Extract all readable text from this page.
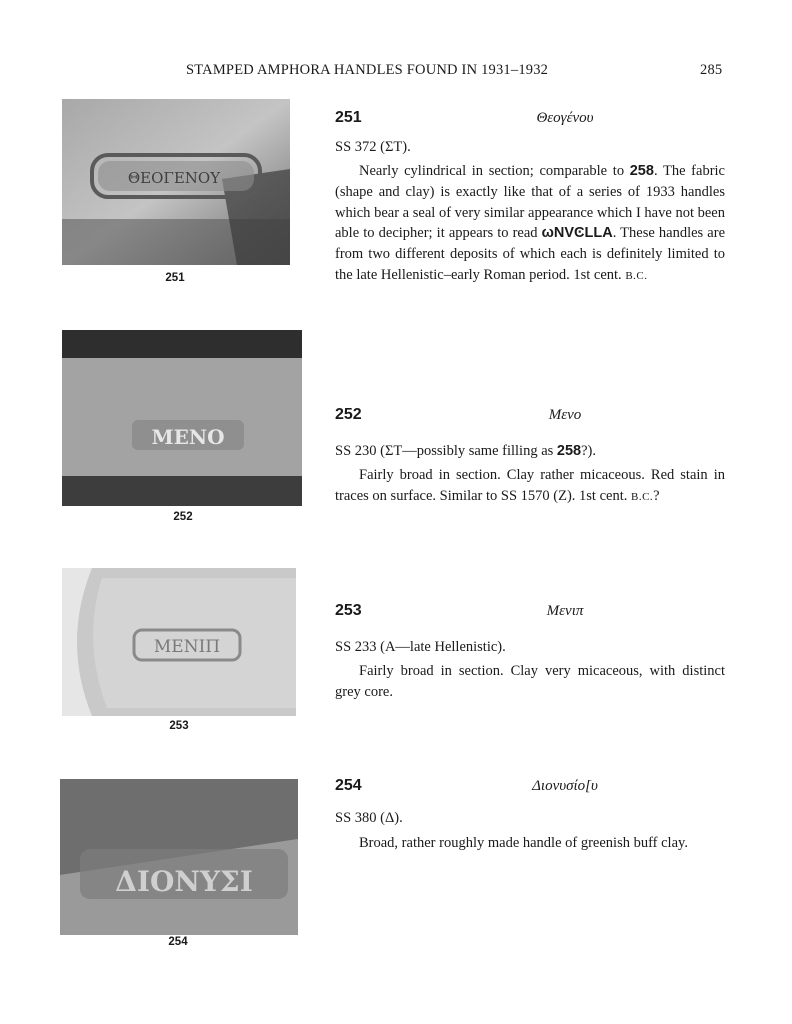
STAMPED AMPHORA HANDLES FOUND IN 1931–1932	285
ΘΕΟΓΕΝΟΥ
251
ΜΕΝΟ
252
ΜΕΝΙΠ
253
ΔΙΟΝΥΣΙ
254
251	Θεογένου
SS 372 (ΣΤ).
Nearly cylindrical in section; comparable to 258. The fabric (shape and clay) is exactly like that of a series of 1933 handles which bear a seal of very similar appearance which I have not been able to decipher; it appears to read ωNVϾLLA. These handles are from two different deposits of which each is definitely limited to the late Hellenistic–early Roman period. 1st cent. B.C.
252	Μενο
SS 230 (ΣΤ—possibly same filling as 258?).
Fairly broad in section. Clay rather micaceous. Red stain in traces on surface. Similar to SS 1570 (Ζ). 1st cent. B.C.?
253	Μενιπ
SS 233 (Α—late Hellenistic).
Fairly broad in section. Clay very micaceous, with distinct grey core.
254	Διονυσίο[υ
SS 380 (Δ).
Broad, rather roughly made handle of greenish buff clay.
